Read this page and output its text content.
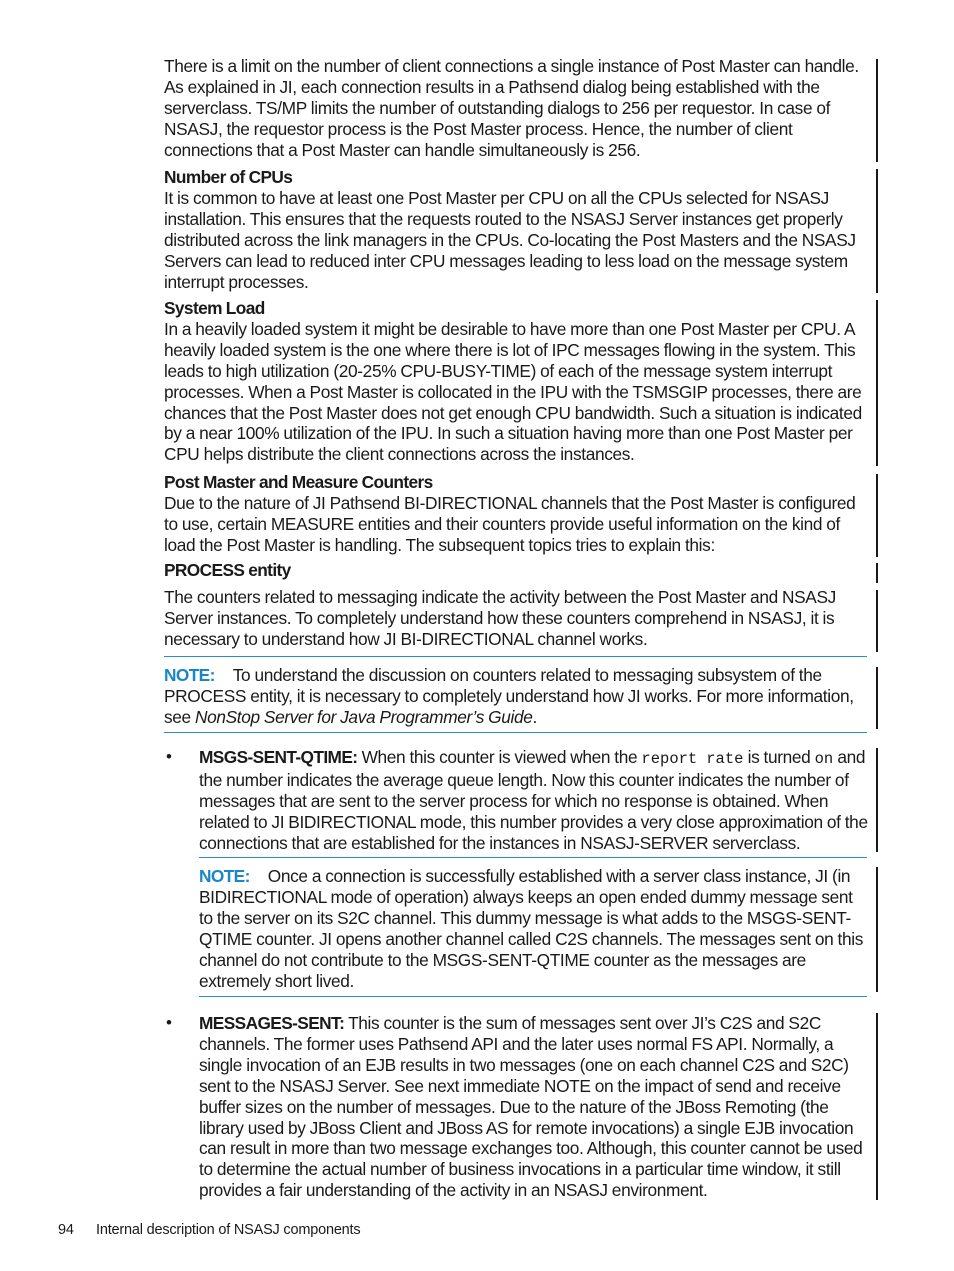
There is a limit on the number of client connections a single instance of Post Master can handle. As explained in JI, each connection results in a Pathsend dialog being established with the serverclass. TS/MP limits the number of outstanding dialogs to 256 per requestor. In case of NSASJ, the requestor process is the Post Master process. Hence, the number of client connections that a Post Master can handle simultaneously is 256.

Number of CPUs

It is common to have at least one Post Master per CPU on all the CPUs selected for NSASJ installation. This ensures that the requests routed to the NSASJ Server instances get properly distributed across the link managers in the CPUs. Co-locating the Post Masters and the NSASJ Servers can lead to reduced inter CPU messages leading to less load on the message system interrupt processes.

System Load

In a heavily loaded system it might be desirable to have more than one Post Master per CPU. A heavily loaded system is the one where there is lot of IPC messages flowing in the system. This leads to high utilization (20-25% CPU-BUSY-TIME) of each of the message system interrupt processes. When a Post Master is collocated in the IPU with the TSMSGIP processes, there are chances that the Post Master does not get enough CPU bandwidth. Such a situation is indicated by a near 100% utilization of the IPU. In such a situation having more than one Post Master per CPU helps distribute the client connections across the instances.

Post Master and Measure Counters

Due to the nature of JI Pathsend BI-DIRECTIONAL channels that the Post Master is configured to use, certain MEASURE entities and their counters provide useful information on the kind of load the Post Master is handling. The subsequent topics tries to explain this:

PROCESS entity

The counters related to messaging indicate the activity between the Post Master and NSASJ Server instances. To completely understand how these counters comprehend in NSASJ, it is necessary to understand how JI BI-DIRECTIONAL channel works.

NOTE: To understand the discussion on counters related to messaging subsystem of the PROCESS entity, it is necessary to completely understand how JI works. For more information, see NonStop Server for Java Programmer’s Guide.

• MSGS-SENT-QTIME: When this counter is viewed when the report rate is turned on and the number indicates the average queue length. Now this counter indicates the number of messages that are sent to the server process for which no response is obtained. When related to JI BIDIRECTIONAL mode, this number provides a very close approximation of the connections that are established for the instances in NSASJ-SERVER serverclass.

NOTE: Once a connection is successfully established with a server class instance, JI (in BIDIRECTIONAL mode of operation) always keeps an open ended dummy message sent to the server on its S2C channel. This dummy message is what adds to the MSGS-SENT-QTIME counter. JI opens another channel called C2S channels. The messages sent on this channel do not contribute to the MSGS-SENT-QTIME counter as the messages are extremely short lived.

• MESSAGES-SENT: This counter is the sum of messages sent over JI’s C2S and S2C channels. The former uses Pathsend API and the later uses normal FS API. Normally, a single invocation of an EJB results in two messages (one on each channel C2S and S2C) sent to the NSASJ Server. See next immediate NOTE on the impact of send and receive buffer sizes on the number of messages. Due to the nature of the JBoss Remoting (the library used by JBoss Client and JBoss AS for remote invocations) a single EJB invocation can result in more than two message exchanges too. Although, this counter cannot be used to determine the actual number of business invocations in a particular time window, it still provides a fair understanding of the activity in an NSASJ environment.

94 Internal description of NSASJ components
